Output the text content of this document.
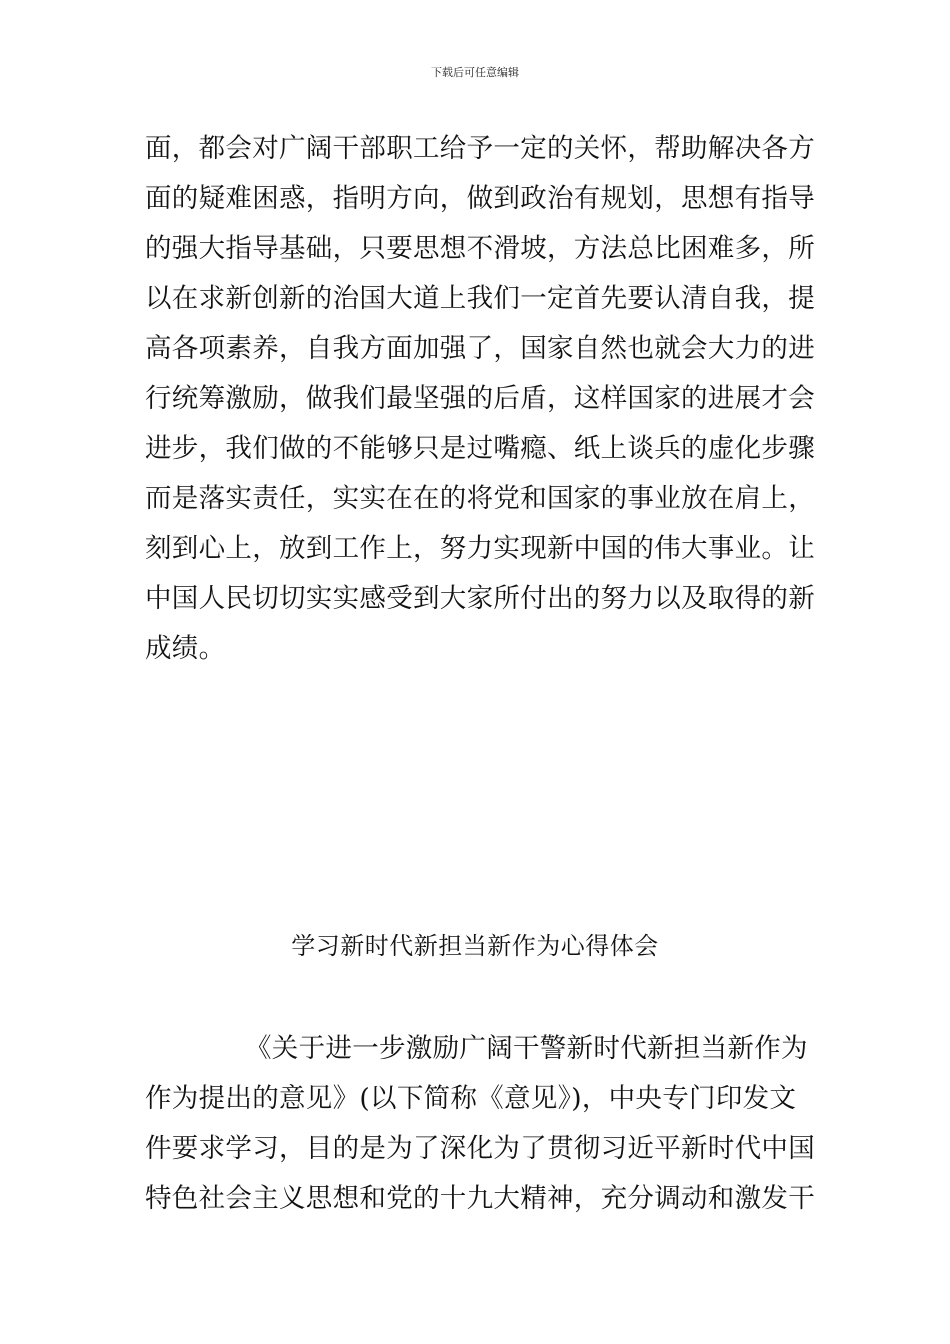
下载后可任意编辑
面，都会对广阔干部职工给予一定的关怀，帮助解决各方
面的疑难困惑，指明方向，做到政治有规划，思想有指导
的强大指导基础，只要思想不滑坡，方法总比困难多，所
以在求新创新的治国大道上我们一定首先要认清自我，提
高各项素养，自我方面加强了，国家自然也就会大力的进
行统筹激励，做我们最坚强的后盾，这样国家的进展才会
进步，我们做的不能够只是过嘴瘾、纸上谈兵的虚化步骤
而是落实责任，实实在在的将党和国家的事业放在肩上，
刻到心上，放到工作上，努力实现新中国的伟大事业。让
中国人民切切实实感受到大家所付出的努力以及取得的新
成绩。
学习新时代新担当新作为心得体会
《关于进一步激励广阔干警新时代新担当新作为
作为提出的意见》(以下简称《意见》)，中央专门印发文
件要求学习，目的是为了深化为了贯彻习近平新时代中国
特色社会主义思想和党的十九大精神，充分调动和激发干
